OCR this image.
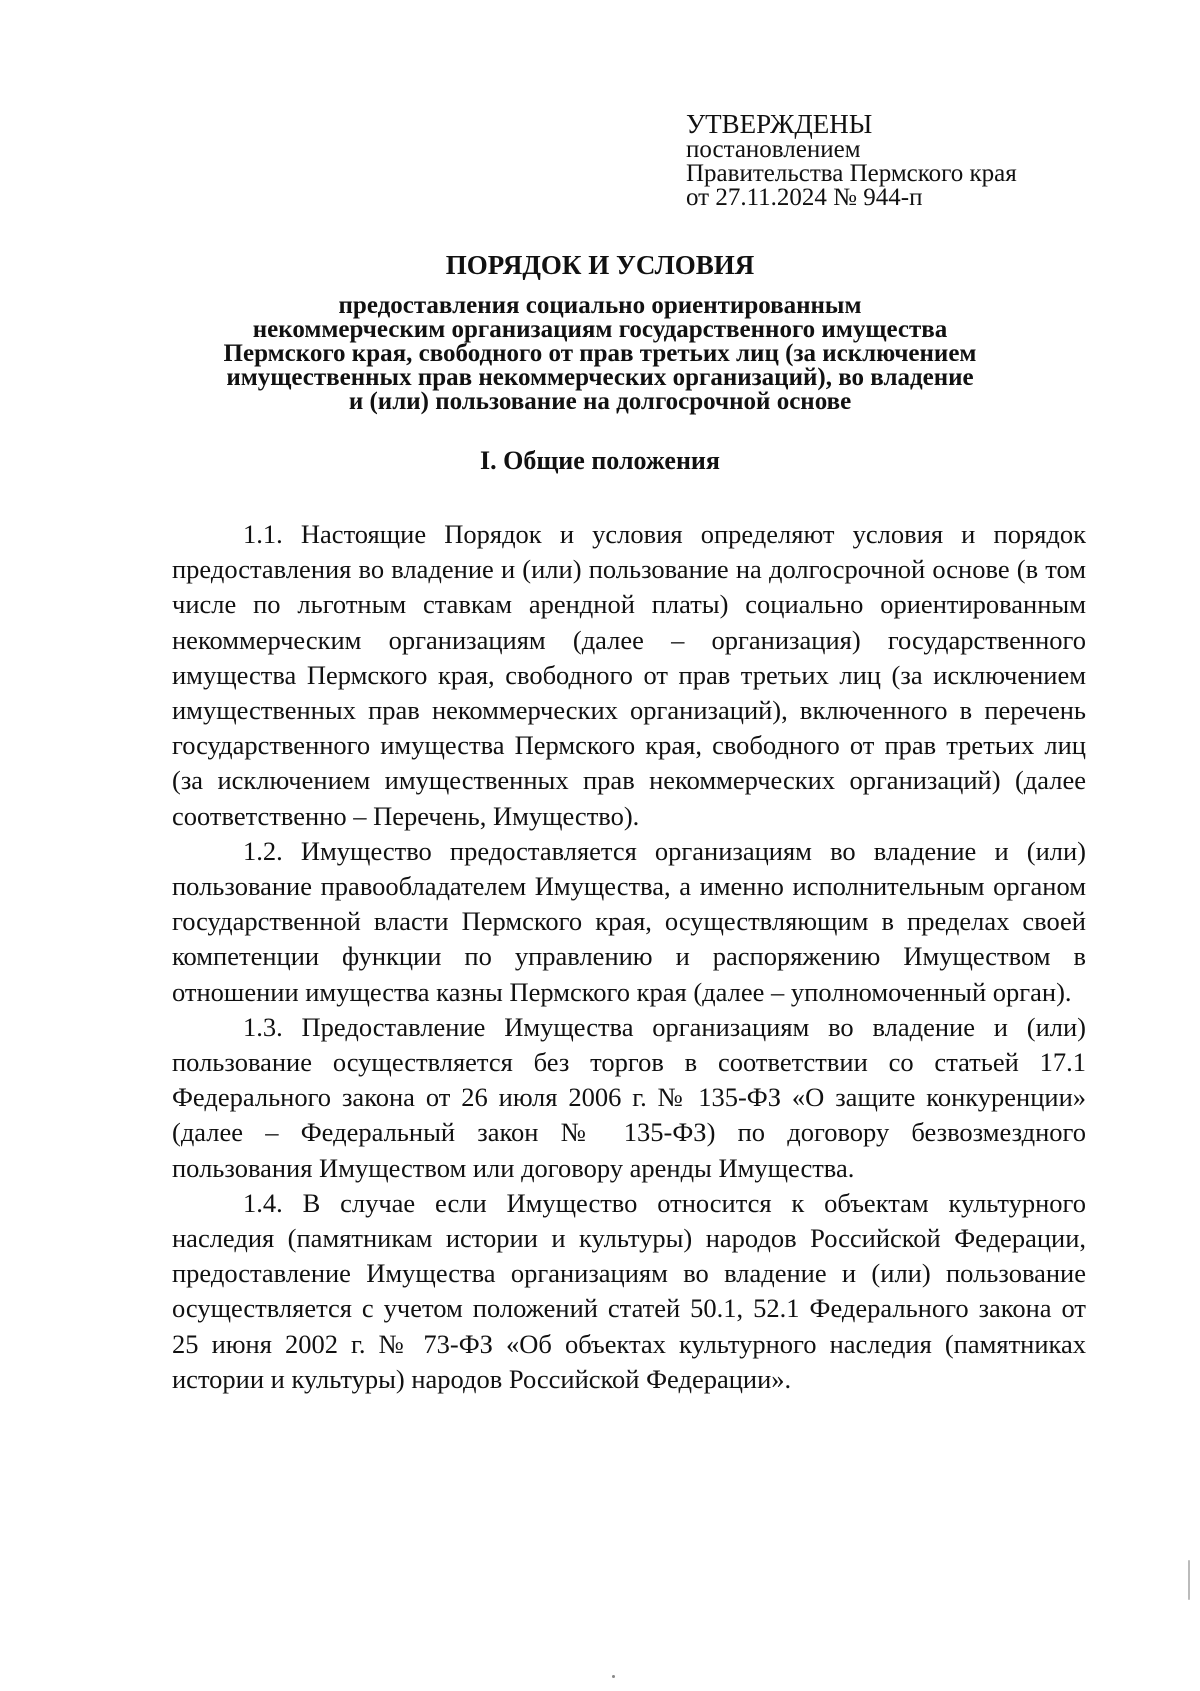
УТВЕРЖДЕНЫ
постановлением
Правительства Пермского края
от 27.11.2024 № 944-п
ПОРЯДОК И УСЛОВИЯ
предоставления социально ориентированным
некоммерческим организациям государственного имущества
Пермского края, свободного от прав третьих лиц (за исключением
имущественных прав некоммерческих организаций), во владение
и (или) пользование на долгосрочной основе
I. Общие положения

1.1. Настоящие Порядок и условия определяют условия и порядок предоставления во владение и (или) пользование на долгосрочной основе (в том числе по льготным ставкам арендной платы) социально ориентированным некоммерческим организациям (далее – организация) государственного имущества Пермского края, свободного от прав третьих лиц (за исключением имущественных прав некоммерческих организаций), включенного в перечень государственного имущества Пермского края, свободного от прав третьих лиц (за исключением имущественных прав некоммерческих организаций) (далее соответственно – Перечень, Имущество).

1.2. Имущество предоставляется организациям во владение и (или) пользование правообладателем Имущества, а именно исполнительным органом государственной власти Пермского края, осуществляющим в пределах своей компетенции функции по управлению и распоряжению Имуществом в отношении имущества казны Пермского края (далее – уполномоченный орган).

1.3. Предоставление Имущества организациям во владение и (или) пользование осуществляется без торгов в соответствии со статьей 17.1 Федерального закона от 26 июля 2006 г. № 135-ФЗ «О защите конкуренции» (далее – Федеральный закон № 135-ФЗ) по договору безвозмездного пользования Имуществом или договору аренды Имущества.

1.4. В случае если Имущество относится к объектам культурного наследия (памятникам истории и культуры) народов Российской Федерации, предоставление Имущества организациям во владение и (или) пользование осуществляется с учетом положений статей 50.1, 52.1 Федерального закона от 25 июня 2002 г. № 73-ФЗ «Об объектах культурного наследия (памятниках истории и культуры) народов Российской Федерации».
